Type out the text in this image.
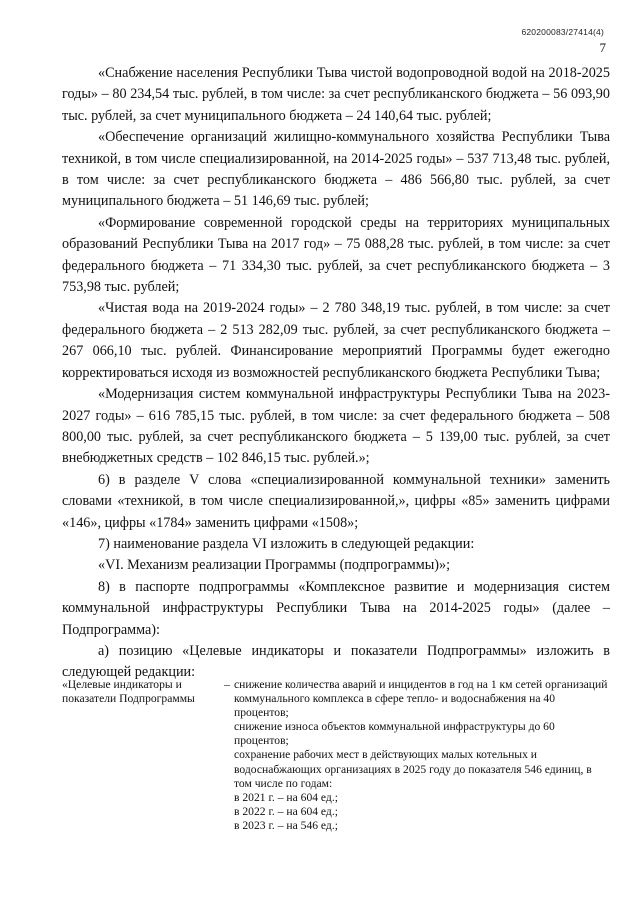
620200083/27414(4)
7

«Снабжение населения Республики Тыва чистой водопроводной водой на 2018-2025 годы» – 80 234,54 тыс. рублей, в том числе: за счет республиканского бюджета – 56 093,90 тыс. рублей, за счет муниципального бюджета – 24 140,64 тыс. рублей;

«Обеспечение организаций жилищно-коммунального хозяйства Республики Тыва техникой, в том числе специализированной, на 2014-2025 годы» – 537 713,48 тыс. рублей, в том числе: за счет республиканского бюджета – 486 566,80 тыс. рублей, за счет муниципального бюджета – 51 146,69 тыс. рублей;

«Формирование современной городской среды на территориях муниципальных образований Республики Тыва на 2017 год» – 75 088,28 тыс. рублей, в том числе: за счет федерального бюджета – 71 334,30 тыс. рублей, за счет республиканского бюджета – 3 753,98 тыс. рублей;

«Чистая вода на 2019-2024 годы» – 2 780 348,19 тыс. рублей, в том числе: за счет федерального бюджета – 2 513 282,09 тыс. рублей, за счет республиканского бюджета – 267 066,10 тыс. рублей. Финансирование мероприятий Программы будет ежегодно корректироваться исходя из возможностей республиканского бюджета Республики Тыва;

«Модернизация систем коммунальной инфраструктуры Республики Тыва на 2023-2027 годы» – 616 785,15 тыс. рублей, в том числе: за счет федерального бюджета – 508 800,00 тыс. рублей, за счет республиканского бюджета – 5 139,00 тыс. рублей, за счет внебюджетных средств – 102 846,15 тыс. рублей.»;

6) в разделе V слова «специализированной коммунальной техники» заменить словами «техникой, в том числе специализированной,», цифры «85» заменить цифрами «146», цифры «1784» заменить цифрами «1508»;

7) наименование раздела VI изложить в следующей редакции:

«VI. Механизм реализации Программы (подпрограммы)»;

8) в паспорте подпрограммы «Комплексное развитие и модернизация систем коммунальной инфраструктуры Республики Тыва на 2014-2025 годы» (далее – Подпрограмма):

а) позицию «Целевые индикаторы и показатели Подпрограммы» изложить в следующей редакции:

«Целевые индикаторы и показатели Подпрограммы
– снижение количества аварий и инцидентов в год на 1 км сетей организаций коммунального комплекса в сфере тепло- и водоснабжения на 40 процентов;

снижение износа объектов коммунальной инфраструктуры до 60 процентов;

сохранение рабочих мест в действующих малых котельных и водоснабжающих организациях в 2025 году до показателя 546 единиц, в том числе по годам:

в 2021 г. – на 604 ед.;

в 2022 г. – на 604 ед.;

в 2023 г. – на 546 ед.;
